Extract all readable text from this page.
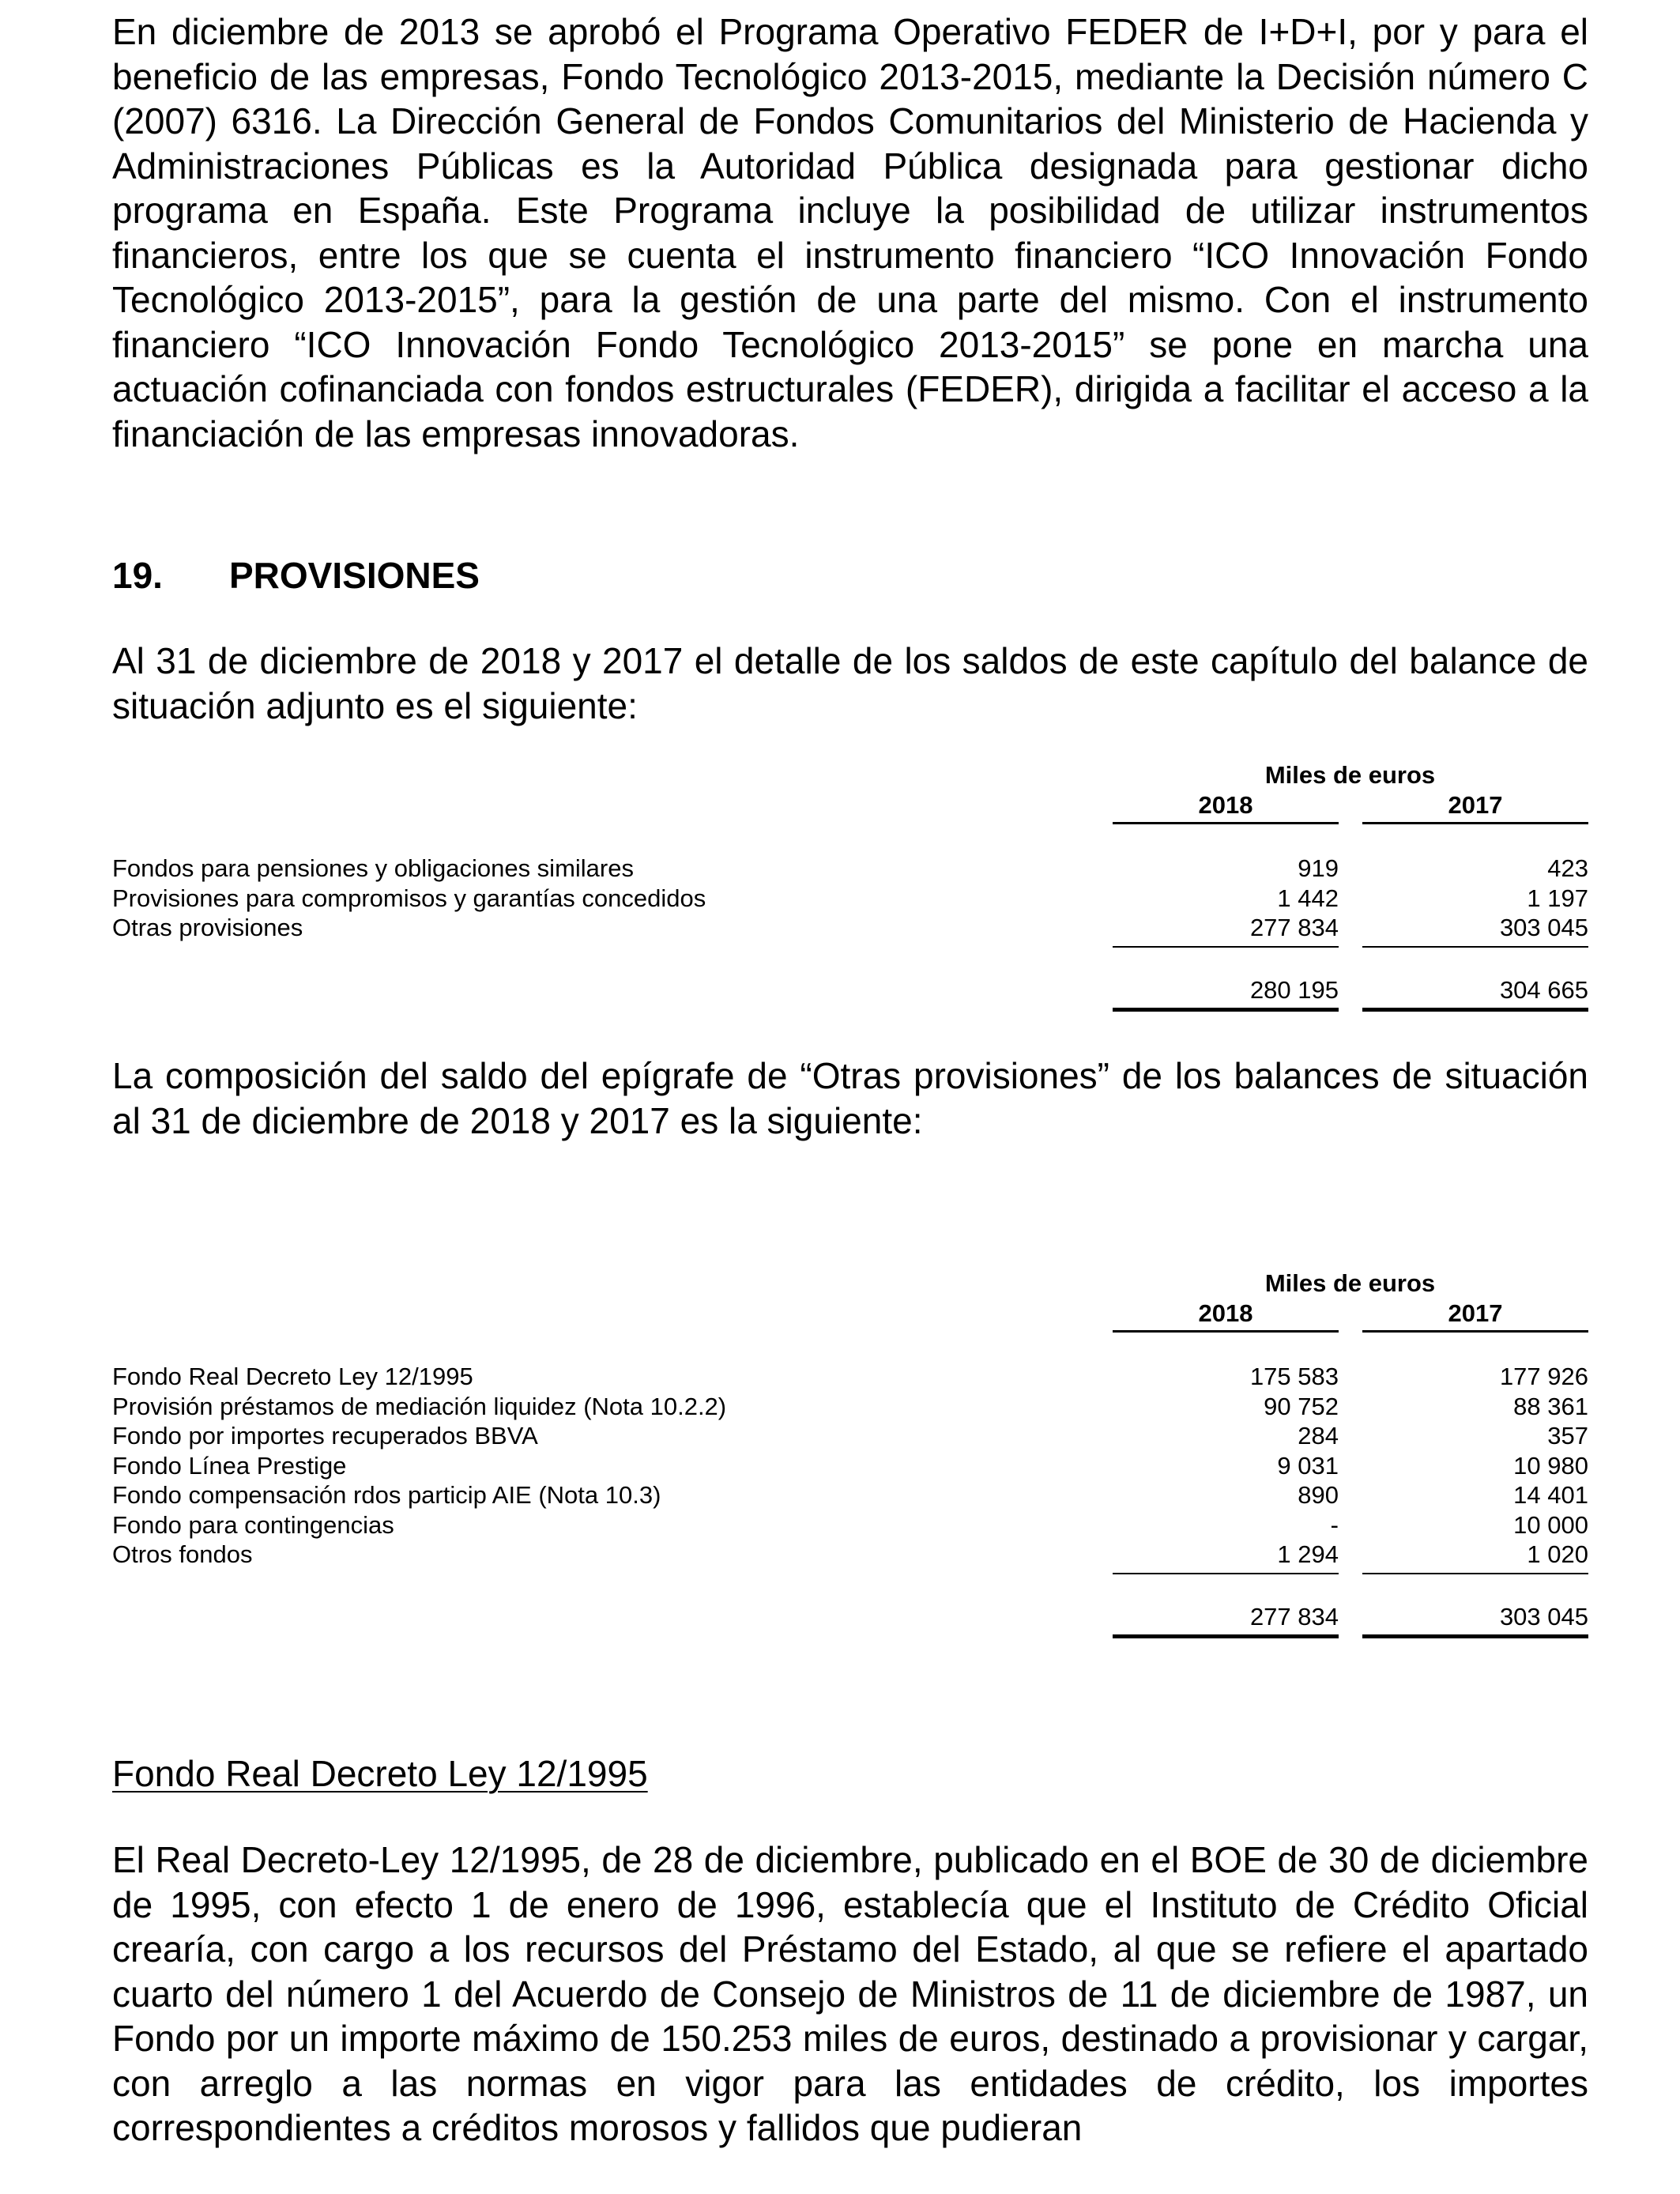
En diciembre de 2013 se aprobó el Programa Operativo FEDER de I+D+I, por y para el beneficio de las empresas, Fondo Tecnológico 2013-2015, mediante la Decisión número C (2007) 6316. La Dirección General de Fondos Comunitarios del Ministerio de Hacienda y Administraciones Públicas es la Autoridad Pública designada para gestionar dicho programa en España. Este Programa incluye la posibilidad de utilizar instrumentos financieros, entre los que se cuenta el instrumento financiero “ICO Innovación Fondo Tecnológico 2013-2015”, para la gestión de una parte del mismo. Con el instrumento financiero “ICO Innovación Fondo Tecnológico 2013-2015” se pone en marcha una actuación cofinanciada con fondos estructurales (FEDER), dirigida a facilitar el acceso a la financiación de las empresas innovadoras.

19. PROVISIONES

Al 31 de diciembre de 2018 y 2017 el detalle de los saldos de este capítulo del balance de situación adjunto es el siguiente:

Miles de euros
2018	2017
Fondos para pensiones y obligaciones similares	919	423
Provisiones para compromisos y garantías concedidos	1 442	1 197
Otras provisiones	277 834	303 045
280 195	304 665

La composición del saldo del epígrafe de “Otras provisiones” de los balances de situación al 31 de diciembre de 2018 y 2017 es la siguiente:

Miles de euros
2018	2017
Fondo Real Decreto Ley 12/1995	175 583	177 926
Provisión préstamos de mediación liquidez (Nota 10.2.2)	90 752	88 361
Fondo por importes recuperados BBVA	284	357
Fondo Línea Prestige	9 031	10 980
Fondo compensación rdos particip AIE (Nota 10.3)	890	14 401
Fondo para contingencias	-	10 000
Otros fondos	1 294	1 020
277 834	303 045

Fondo Real Decreto Ley 12/1995

El Real Decreto-Ley 12/1995, de 28 de diciembre, publicado en el BOE de 30 de diciembre de 1995, con efecto 1 de enero de 1996, establecía que el Instituto de Crédito Oficial crearía, con cargo a los recursos del Préstamo del Estado, al que se refiere el apartado cuarto del número 1 del Acuerdo de Consejo de Ministros de 11 de diciembre de 1987, un Fondo por un importe máximo de 150.253 miles de euros, destinado a provisionar y cargar, con arreglo a las normas en vigor para las entidades de crédito, los importes correspondientes a créditos morosos y fallidos que pudieran
